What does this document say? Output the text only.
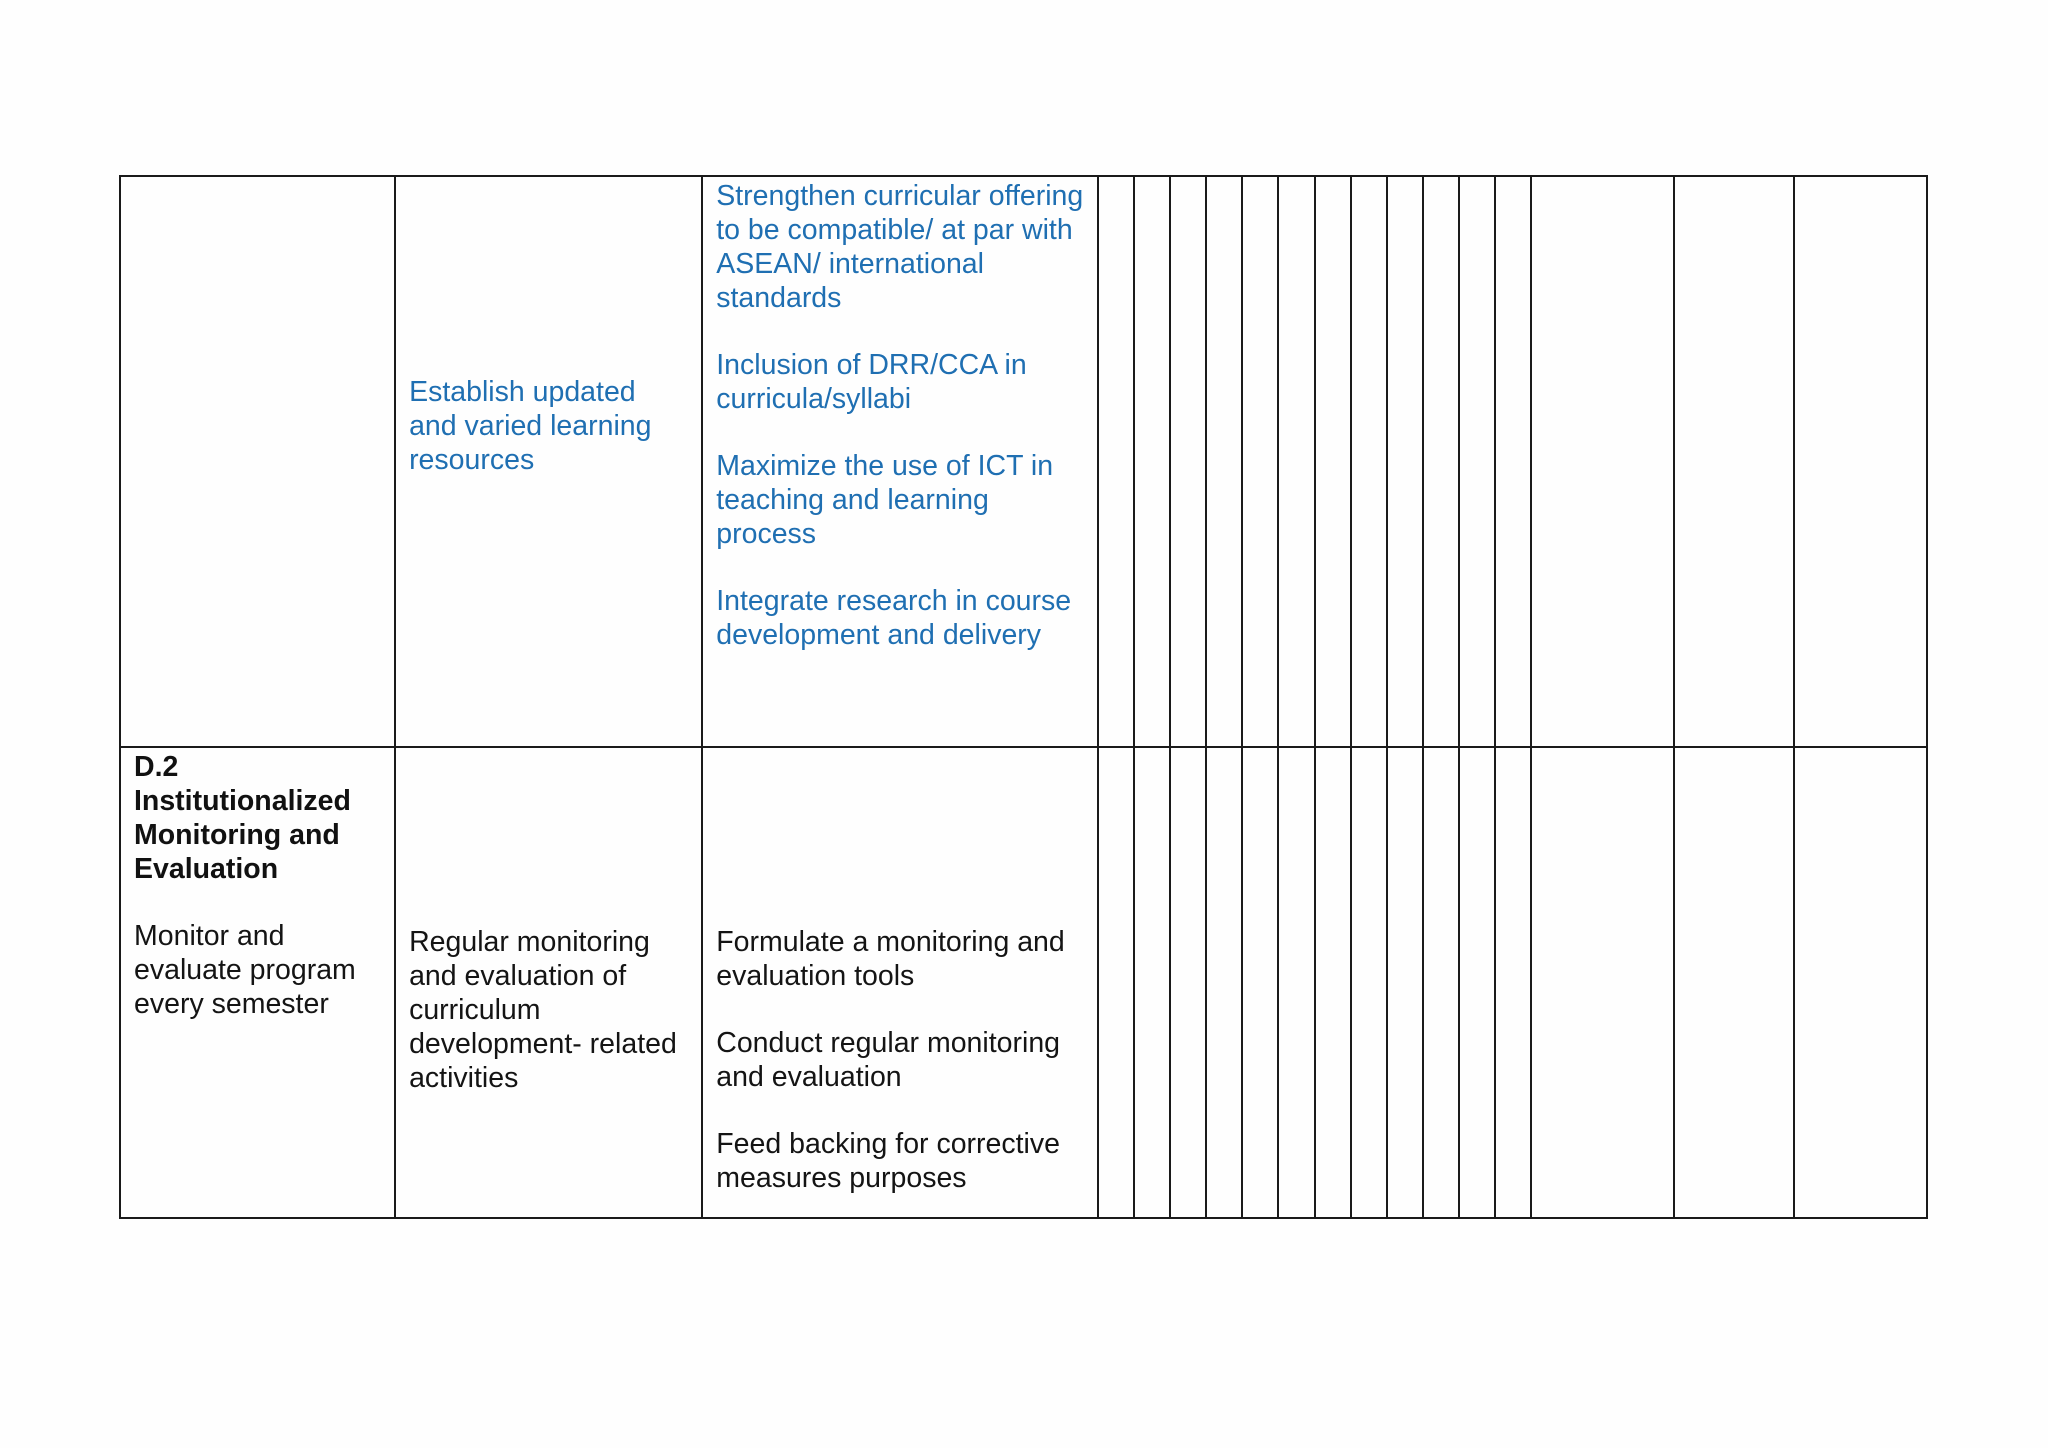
	Establish updated and varied learning resources	Strengthen curricular offering to be compatible/ at par with ASEAN/ international standards
Inclusion of DRR/CCA in curricula/syllabi
Maximize the use of ICT in teaching and learning process
Integrate research in course development and delivery															

D.2
Institutionalized Monitoring and Evaluation
Monitor and evaluate program every semester	Regular monitoring and evaluation of curriculum development- related activities	Formulate a monitoring and evaluation tools
Conduct regular monitoring and evaluation
Feed backing for corrective measures purposes															
